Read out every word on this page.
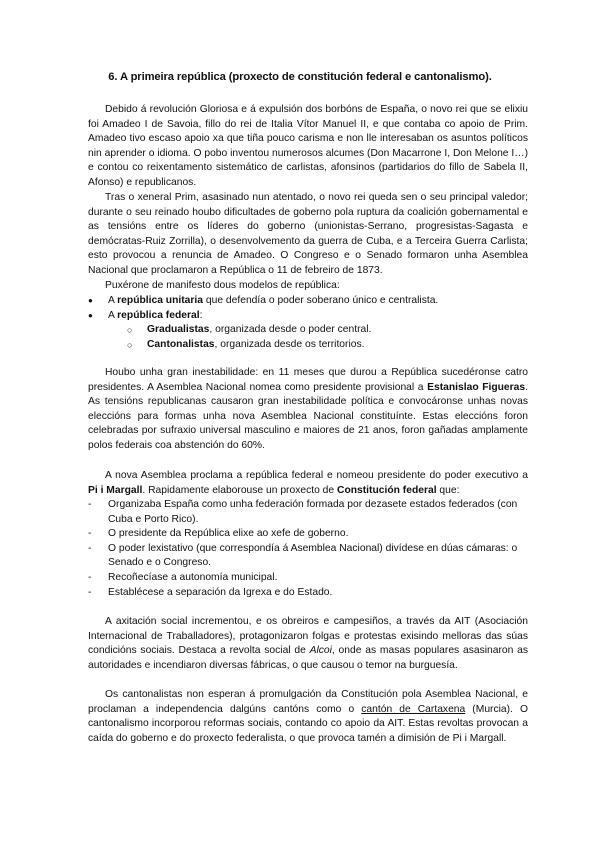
6. A primeira república (proxecto de constitución federal e cantonalismo).
Debido á revolución Gloriosa e á expulsión dos borbóns de España, o novo rei que se elixiu foi Amadeo I de Savoia, fillo do rei de Italia Vítor Manuel II, e que contaba co apoio de Prim. Amadeo tivo escaso apoio xa que tiña pouco carisma e non lle interesaban os asuntos políticos nin aprender o idioma. O pobo inventou numerosos alcumes (Don Macarrone I, Don Melone I…) e contou co reixentamento sistemático de carlistas, afonsinos (partidarios do fillo de Sabela II, Afonso) e republicanos.
Tras o xeneral Prim, asasinado nun atentado, o novo rei queda sen o seu principal valedor; durante o seu reinado houbo dificultades de goberno pola ruptura da coalición gobernamental e as tensións entre os líderes do goberno (unionistas-Serrano, progresistas-Sagasta e demócratas-Ruiz Zorrilla), o desenvolvemento da guerra de Cuba, e a Terceira Guerra Carlista; esto provocou a renuncia de Amadeo. O Congreso e o Senado formaron unha Asemblea Nacional que proclamaron a República o 11 de febreiro de 1873.
Puxérone de manifesto dous modelos de república:
● A república unitaria que defendía o poder soberano único e centralista.
● A república federal:
○ Gradualistas, organizada desde o poder central.
○ Cantonalistas, organizada desde os territorios.
Houbo unha gran inestabilidade: en 11 meses que durou a República sucedéronse catro presidentes. A Asemblea Nacional nomea como presidente provisional a Estanislao Figueras. As tensións republicanas causaron gran inestabilidade política e convocáronse unhas novas eleccións para formas unha nova Asemblea Nacional constituínte. Estas eleccións foron celebradas por sufraxio universal masculino e maiores de 21 anos, foron gañadas amplamente polos federais coa abstención do 60%.
A nova Asemblea proclama a república federal e nomeou presidente do poder executivo a Pi i Margall. Rapidamente elaborouse un proxecto de Constitución federal que:
- Organizaba España como unha federación formada por dezasete estados federados (con Cuba e Porto Rico).
- O presidente da República elixe ao xefe de goberno.
- O poder lexistativo (que correspondía á Asemblea Nacional) divídese en dúas cámaras: o Senado e o Congreso.
- Recoñecíase a autonomía municipal.
- Establécese a separación da Igrexa e do Estado.
A axitación social incrementou, e os obreiros e campesiños, a través da AIT (Asociación Internacional de Traballadores), protagonizaron folgas e protestas exisindo melloras das súas condicións sociais. Destaca a revolta social de Alcoi, onde as masas populares asasinaron as autoridades e incendiaron diversas fábricas, o que causou o temor na burguesía.
Os cantonalistas non esperan á promulgación da Constitución pola Asemblea Nacional, e proclaman a independencia dalgúns cantóns como o cantón de Cartaxena (Murcia). O cantonalismo incorporou reformas sociais, contando co apoio da AIT. Estas revoltas provocan a caída do goberno e do proxecto federalista, o que provoca tamén a dimisión de Pi i Margall.
